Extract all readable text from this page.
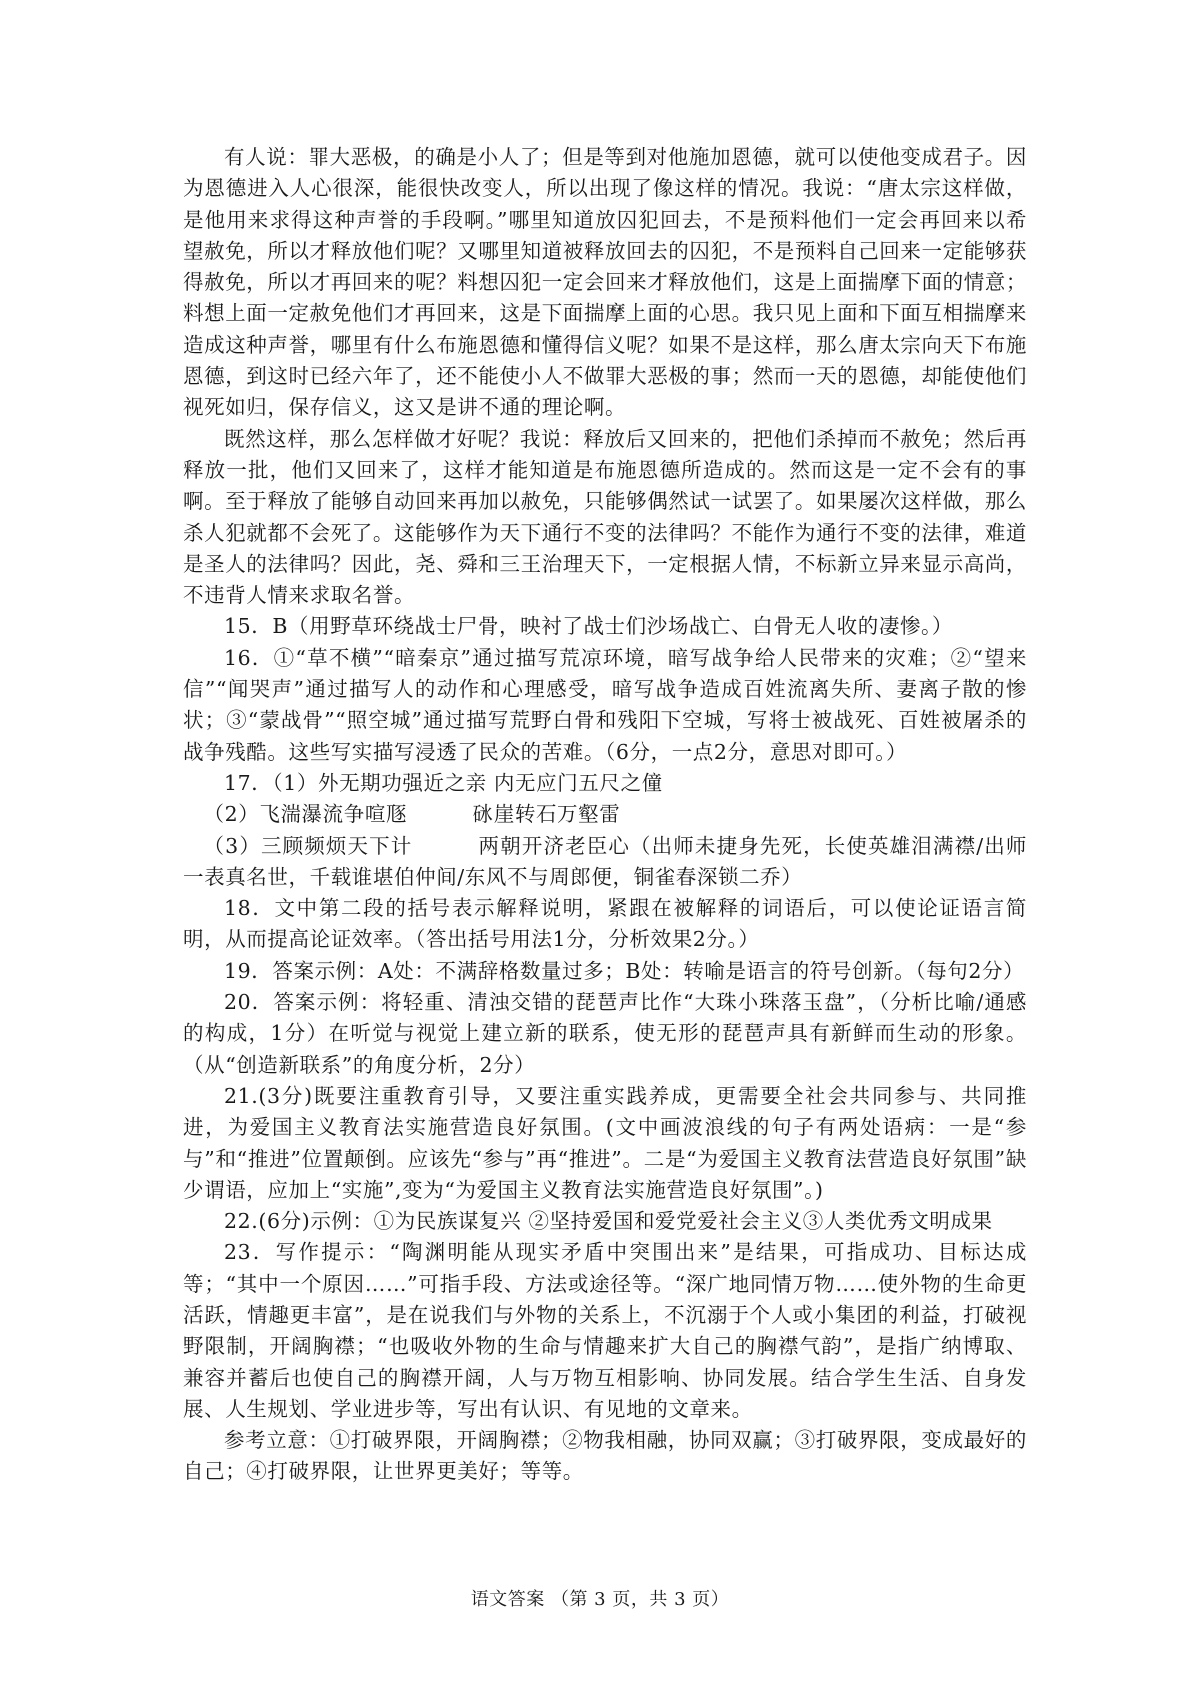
有人说：罪大恶极，的确是小人了；但是等到对他施加恩德，就可以使他变成君子。因为恩德进入人心很深，能很快改变人，所以出现了像这样的情况。我说：“唐太宗这样做，是他用来求得这种声誉的手段啊。”哪里知道放囚犯回去，不是预料他们一定会再回来以希望赦免，所以才释放他们呢？又哪里知道被释放回去的囚犯，不是预料自己回来一定能够获得赦免，所以才再回来的呢？料想囚犯一定会回来才释放他们，这是上面揣摩下面的情意；料想上面一定赦免他们才再回来，这是下面揣摩上面的心思。我只见上面和下面互相揣摩来造成这种声誉，哪里有什么布施恩德和懂得信义呢？如果不是这样，那么唐太宗向天下布施恩德，到这时已经六年了，还不能使小人不做罪大恶极的事；然而一天的恩德，却能使他们视死如归，保存信义，这又是讲不通的理论啊。

既然这样，那么怎样做才好呢？我说：释放后又回来的，把他们杀掉而不赦免；然后再释放一批，他们又回来了，这样才能知道是布施恩德所造成的。然而这是一定不会有的事啊。至于释放了能够自动回来再加以赦免，只能够偶然试一试罢了。如果屡次这样做，那么杀人犯就都不会死了。这能够作为天下通行不变的法律吗？不能作为通行不变的法律，难道是圣人的法律吗？因此，尧、舜和三王治理天下，一定根据人情，不标新立异来显示高尚，不违背人情来求取名誉。

15．B（用野草环绕战士尸骨，映衬了战士们沙场战亡、白骨无人收的凄惨。）

16．①“草不横”“暗秦京”通过描写荒凉环境，暗写战争给人民带来的灾难；②“望来信”“闻哭声”通过描写人的动作和心理感受，暗写战争造成百姓流离失所、妻离子散的惨状；③“蒙战骨”“照空城”通过描写荒野白骨和残阳下空城，写将士被战死、百姓被屠杀的战争残酷。这些写实描写浸透了民众的苦难。（6分，一点2分，意思对即可。）

17．（1）外无期功强近之亲 内无应门五尺之僮

（2）飞湍瀑流争喧豗	砯崖转石万壑雷

（3）三顾频烦天下计	两朝开济老臣心（出师未捷身先死，长使英雄泪满襟/出师一表真名世，千载谁堪伯仲间/东风不与周郎便，铜雀春深锁二乔）

18．文中第二段的括号表示解释说明，紧跟在被解释的词语后，可以使论证语言简明，从而提高论证效率。（答出括号用法1分，分析效果2分。）

19．答案示例：A处：不满辞格数量过多；B处：转喻是语言的符号创新。（每句2分）

20．答案示例：将轻重、清浊交错的琵琶声比作“大珠小珠落玉盘”，（分析比喻/通感的构成，1分）在听觉与视觉上建立新的联系，使无形的琵琶声具有新鲜而生动的形象。（从“创造新联系”的角度分析，2分）

21.(3分)既要注重教育引导，又要注重实践养成，更需要全社会共同参与、共同推进，为爱国主义教育法实施营造良好氛围。(文中画波浪线的句子有两处语病：一是“参与”和“推进”位置颠倒。应该先“参与”再“推进”。二是“为爱国主义教育法营造良好氛围”缺少谓语，应加上“实施”,变为“为爱国主义教育法实施营造良好氛围”。)

22.(6分)示例：①为民族谋复兴 ②坚持爱国和爱党爱社会主义③人类优秀文明成果

23．写作提示：“陶渊明能从现实矛盾中突围出来”是结果，可指成功、目标达成等；“其中一个原因……”可指手段、方法或途径等。“深广地同情万物……使外物的生命更活跃，情趣更丰富”，是在说我们与外物的关系上，不沉溺于个人或小集团的利益，打破视野限制，开阔胸襟；“也吸收外物的生命与情趣来扩大自己的胸襟气韵”，是指广纳博取、兼容并蓄后也使自己的胸襟开阔，人与万物互相影响、协同发展。结合学生生活、自身发展、人生规划、学业进步等，写出有认识、有见地的文章来。

参考立意：①打破界限，开阔胸襟；②物我相融，协同双赢；③打破界限，变成最好的自己；④打破界限，让世界更美好；等等。

语文答案 （第 3 页，共 3 页）
